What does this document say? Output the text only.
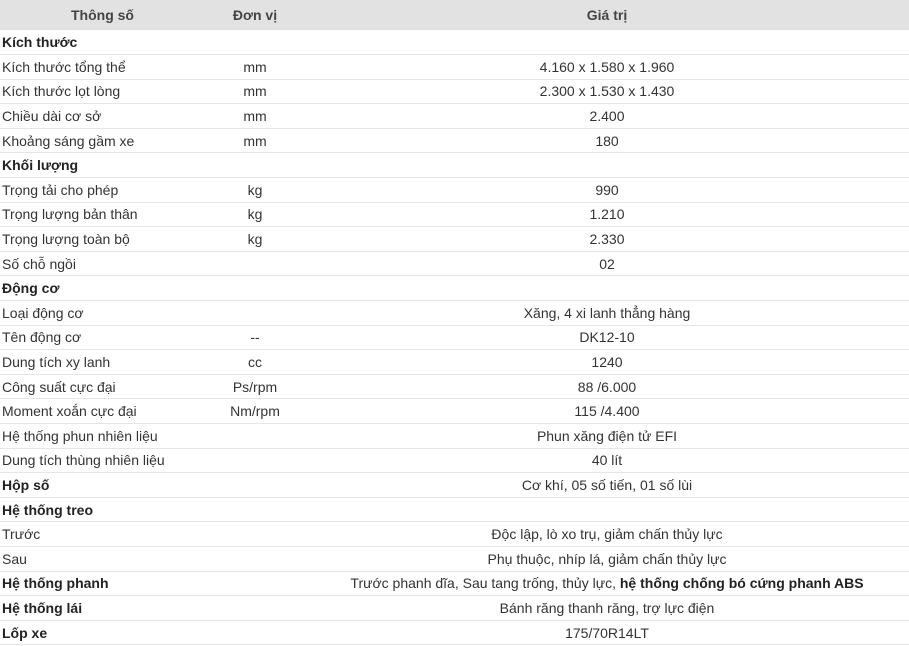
Thông số	Đơn vị	Giá trị
Kích thước		
Kích thước tổng thể	mm	4.160 x 1.580 x 1.960
Kích thước lọt lòng	mm	2.300 x 1.530 x 1.430
Chiều dài cơ sở	mm	2.400
Khoảng sáng gầm xe	mm	180
Khối lượng		
Trọng tải cho phép	kg	990
Trọng lượng bản thân	kg	1.210
Trọng lượng toàn bộ	kg	2.330
Số chỗ ngồi		02
Động cơ		
Loại động cơ		Xăng, 4 xi lanh thẳng hàng
Tên động cơ	--	DK12-10
Dung tích xy lanh	cc	1240
Công suất cực đại	Ps/rpm	88 /6.000
Moment xoắn cực đại	Nm/rpm	115 /4.400
Hệ thống phun nhiên liệu		Phun xăng điện tử EFI
Dung tích thùng nhiên liệu		40 lít
Hộp số		Cơ khí, 05 số tiến, 01 số lùi
Hệ thống treo		
Trước		Độc lập, lò xo trụ, giảm chấn thủy lực
Sau		Phụ thuộc, nhíp lá, giảm chấn thủy lực
Hệ thống phanh		Trước phanh dĩa, Sau tang trống, thủy lực, hệ thống chống bó cứng phanh ABS
Hệ thống lái		Bánh răng thanh răng, trợ lực điện
Lốp xe		175/70R14LT
